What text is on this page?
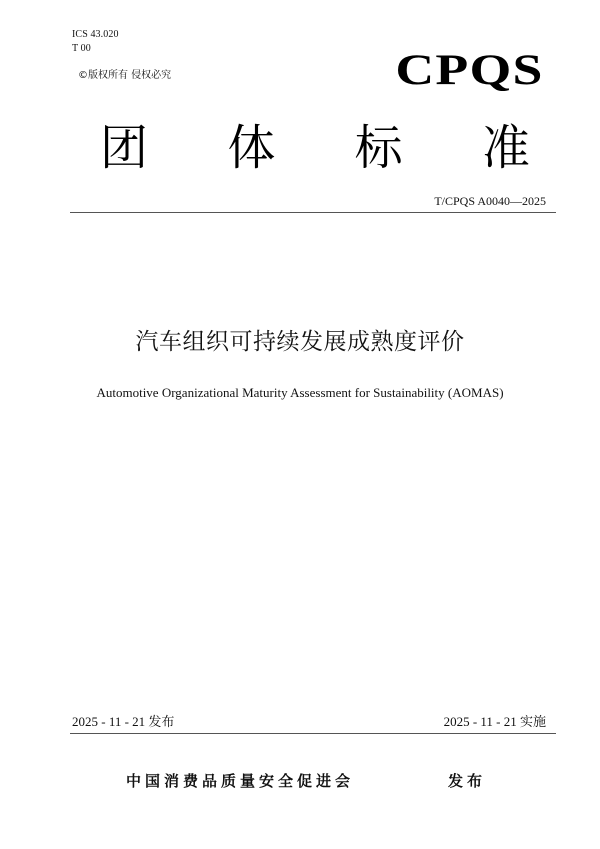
ICS 43.020
T 00
©版权所有 侵权必究	CPQS
团 体 标 准
T/CPQS A0040—2025
汽车组织可持续发展成熟度评价
Automotive Organizational Maturity Assessment for Sustainability (AOMAS)
2025 - 11 - 21 发布	2025 - 11 - 21 实施
中国消费品质量安全促进会	发布
